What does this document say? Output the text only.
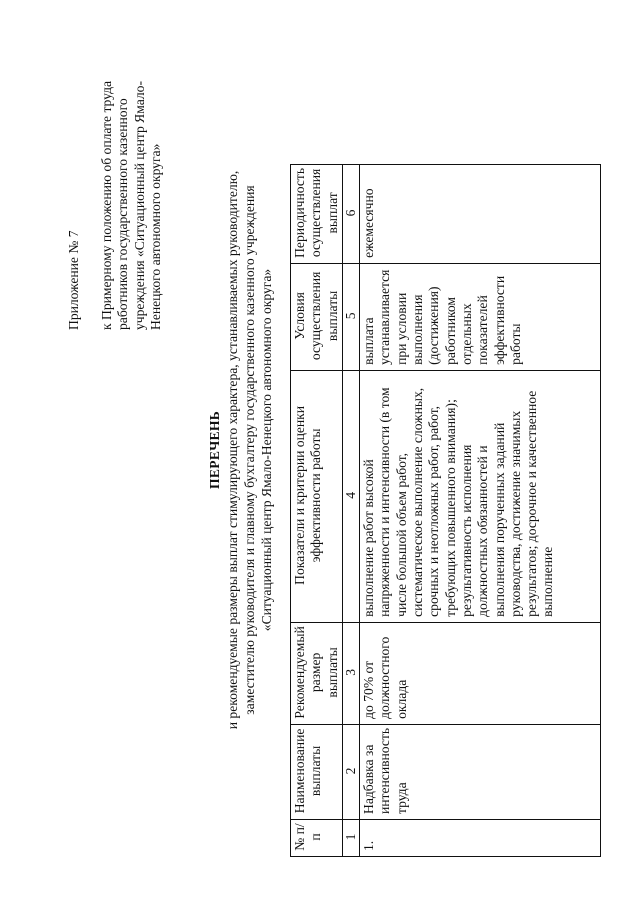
Приложение № 7 к Примерному положению об оплате труда работников государственного казенного учреждения «Ситуационный центр Ямало-Ненецкого автономного округа»

ПЕРЕЧЕНЬ и рекомендуемые размеры выплат стимулирующего характера, устанавливаемых руководителю, заместителю руководителя и главному бухгалтеру государственного казенного учреждения «Ситуационный центр Ямало-Ненецкого автономного округа»

№ п/п	Наименование выплаты	Рекомендуемый размер выплаты	Показатели и критерии оценки эффективности работы	Условия осуществления выплаты	Периодичность осуществления выплат
1	2	3	4	5	6
1.	Надбавка за интенсивность труда	до 70% от должностного оклада	выполнение работ высокой напряженности и интенсивности (в том числе большой объем работ, систематическое выполнение сложных, срочных и неотложных работ, работ, требующих повышенного внимания); результативность исполнения должностных обязанностей и выполнения порученных заданий руководства, достижение значимых результатов; досрочное и качественное выполнение	выплата устанавливается при условии выполнения (достижения) работником отдельных показателей эффективности работы	ежемесячно
